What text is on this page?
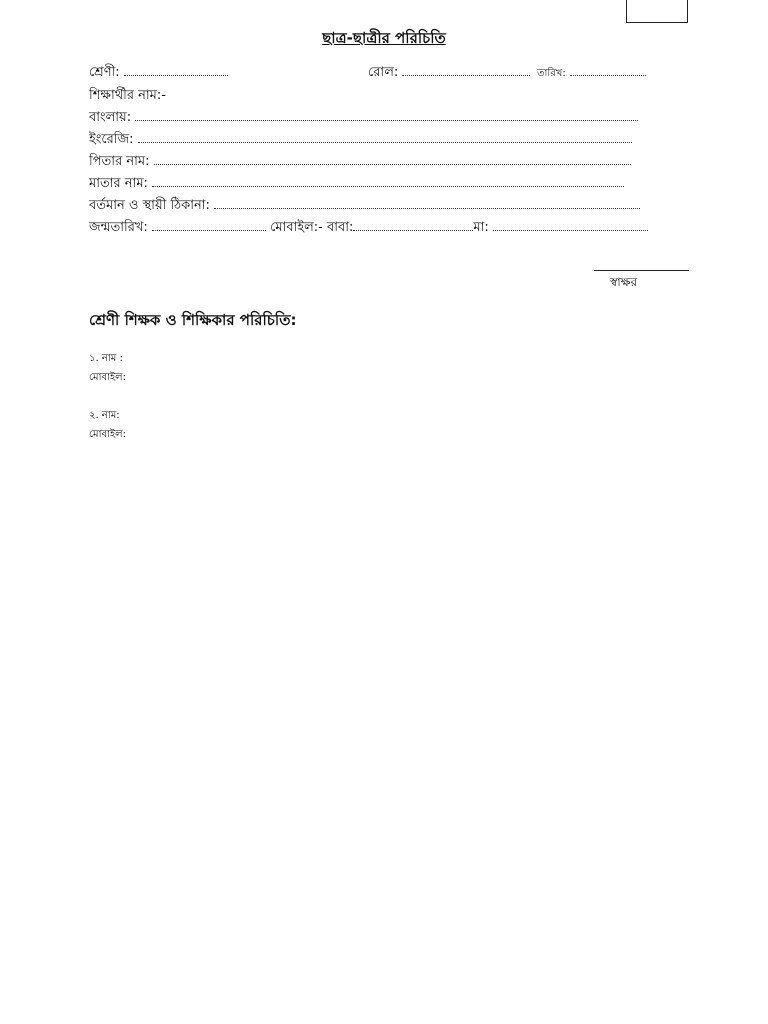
ছাত্র-ছাত্রীর পরিচিতি
শ্রেণী:	রোল:	তারিখ:
শিক্ষার্থীর নাম:-
বাংলায়:
ইংরেজি:
পিতার নাম:
মাতার নাম:
বর্তমান ও স্থায়ী ঠিকানা:
জন্মতারিখ:	মোবাইল:- বাবা:	মা:
স্বাক্ষর
শ্রেণী শিক্ষক ও শিক্ষিকার পরিচিতি:
১. নাম :
মোবাইল:
২. নাম:
মোবাইল:
